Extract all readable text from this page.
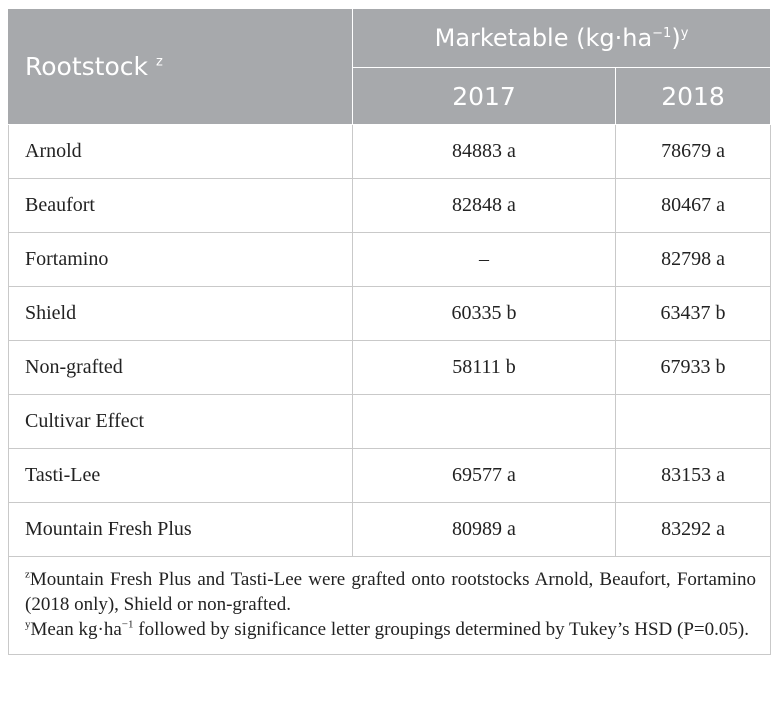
Rootstock $^z$	Marketable $(kg\cdot ha^{-1})^y$
	2017	2018
Arnold	84883 a	78679 a
Beaufort	82848 a	80467 a
Fortamino	–	82798 a
Shield	60335 b	63437 b
Non-grafted	58111 b	67933 b
Cultivar Effect		
Tasti-Lee	69577 a	83153 a
Mountain Fresh Plus	80989 a	83292 a

$^z$Mountain Fresh Plus and Tasti-Lee were grafted onto rootstocks Arnold, Beaufort, Fortamino (2018 only), Shield or non-grafted.
$^y$Mean $kg\cdot ha^{-1}$ followed by significance letter groupings determined by Tukey’s HSD (P=0.05).		
